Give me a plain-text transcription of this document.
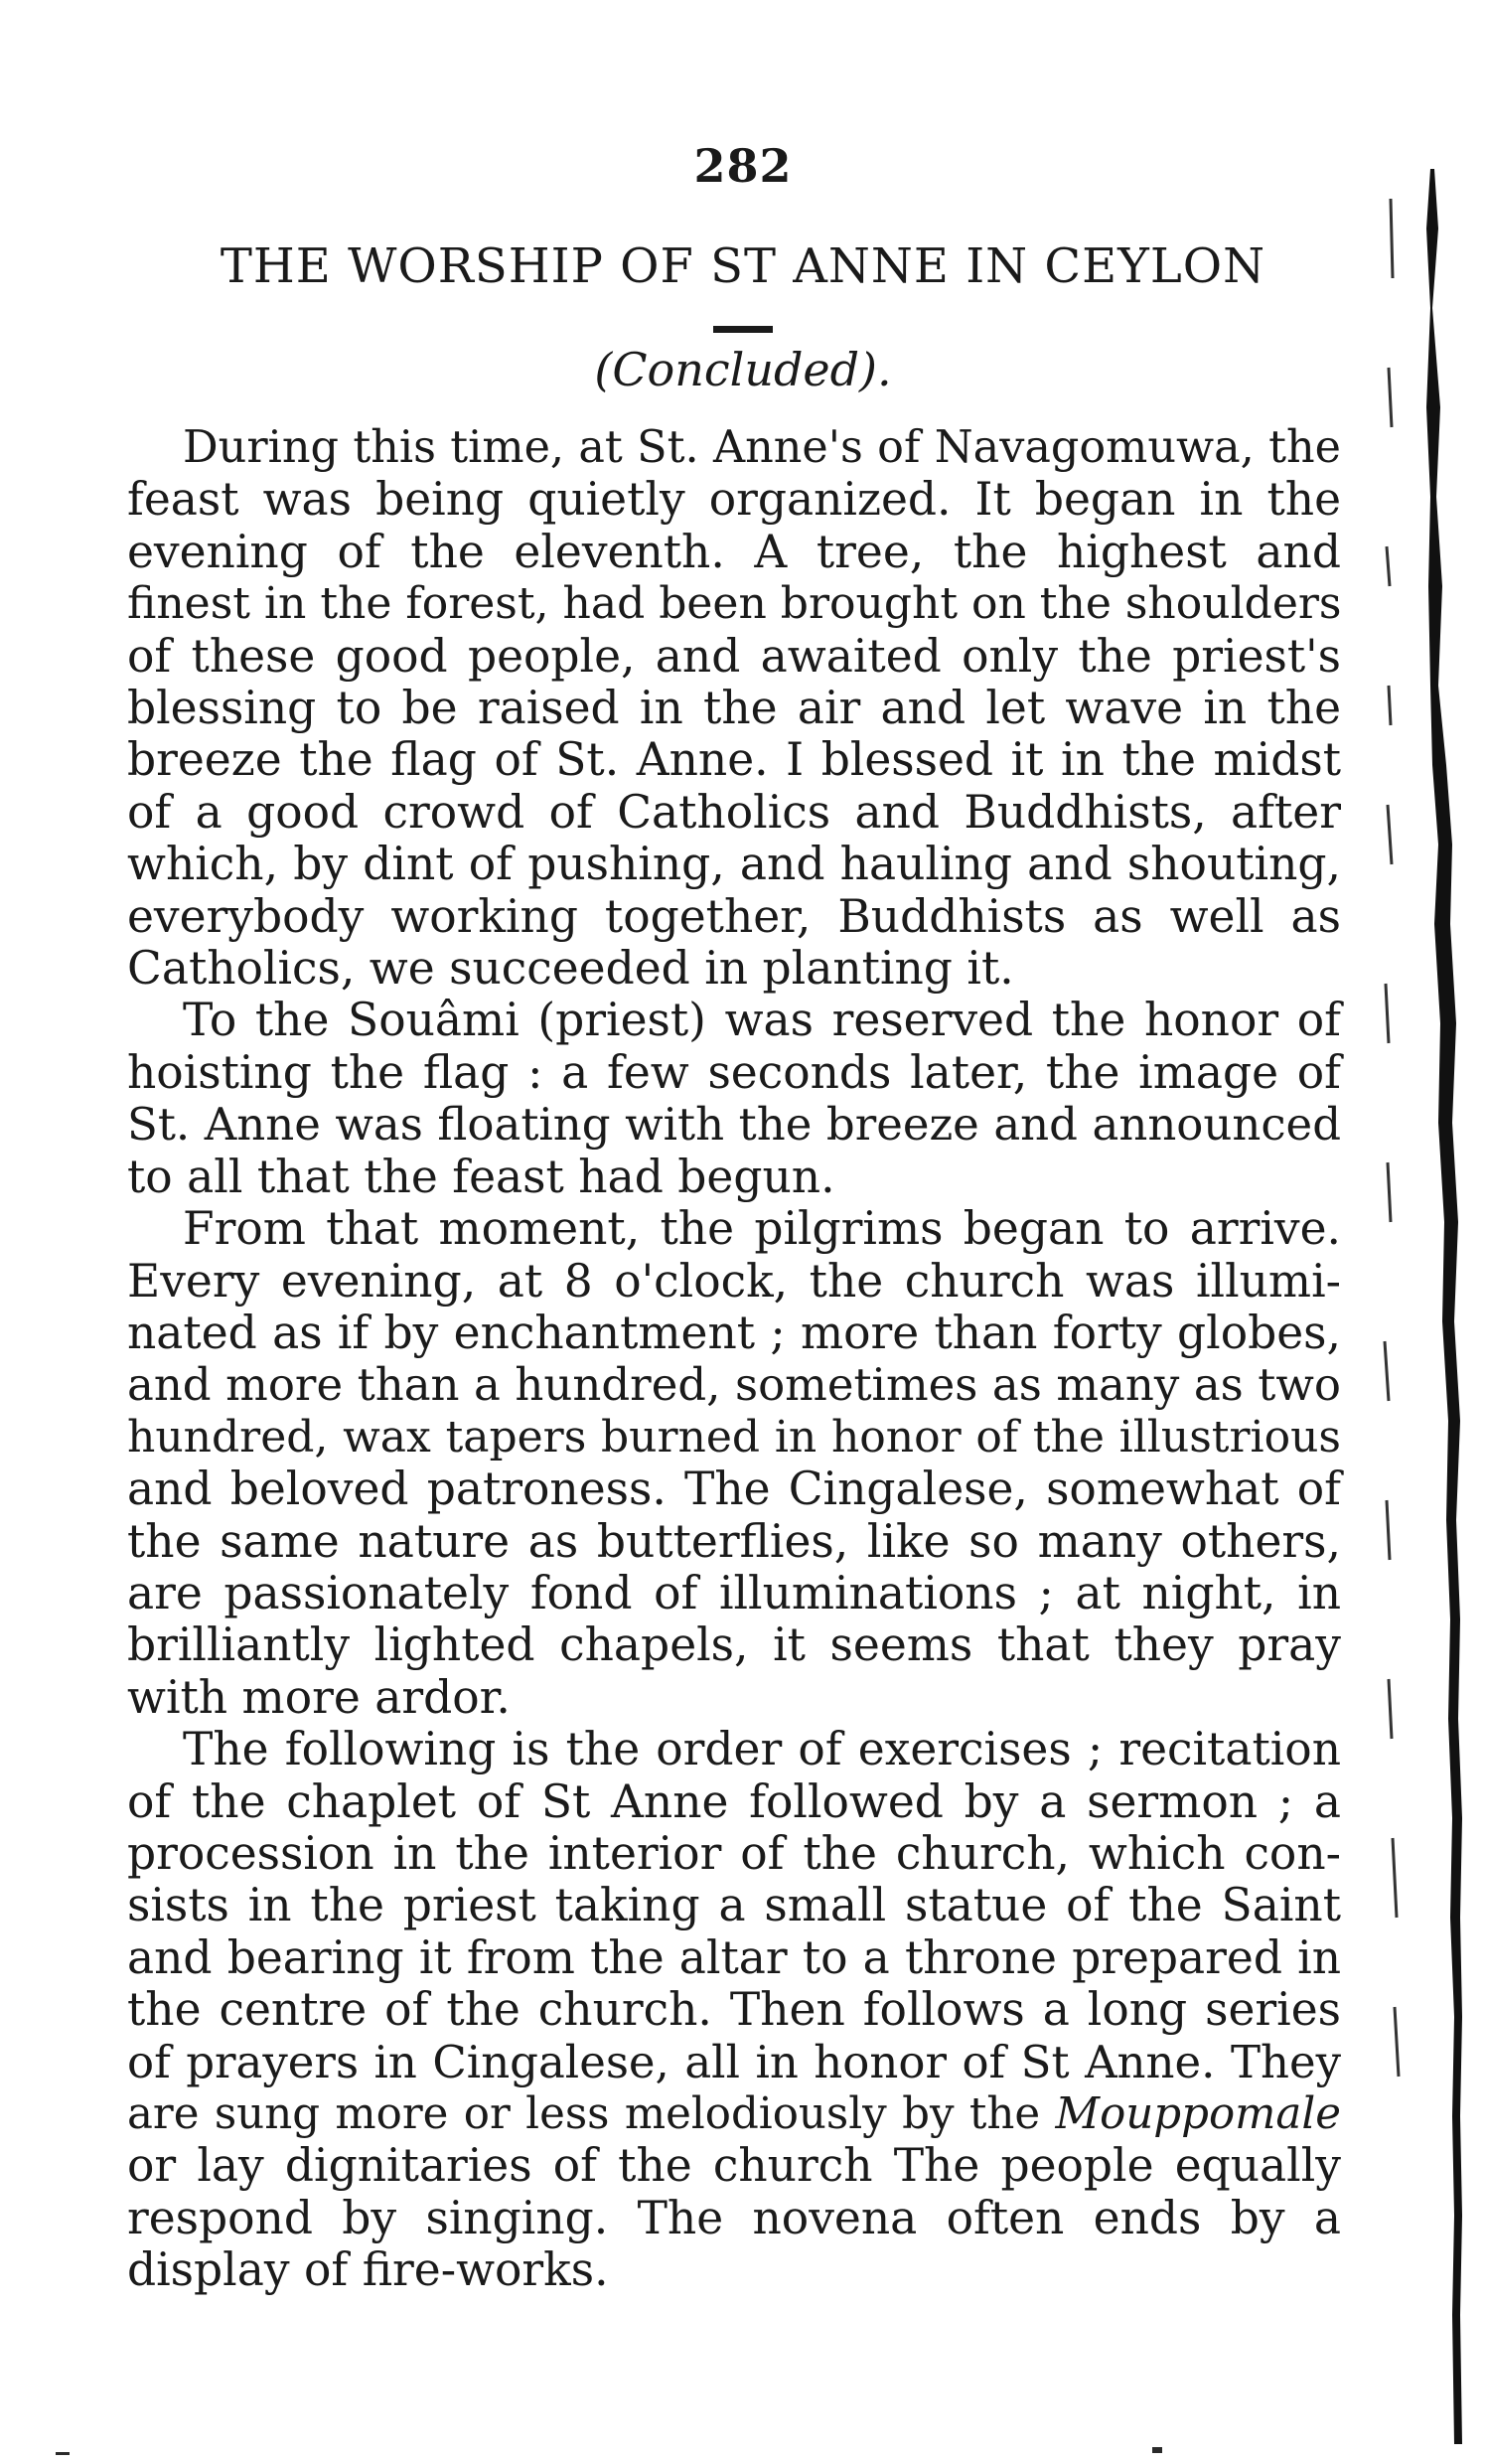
282
THE WORSHIP OF ST ANNE IN CEYLON
(Concluded).
During this time, at St. Anne's of Navagomuwa, the
feast was being quietly organized. It began in the
evening of the eleventh. A tree, the highest and
finest in the forest, had been brought on the shoulders
of these good people, and awaited only the priest's
blessing to be raised in the air and let wave in the
breeze the flag of St. Anne. I blessed it in the midst
of a good crowd of Catholics and Buddhists, after
which, by dint of pushing, and hauling and shouting,
everybody working together, Buddhists as well as
Catholics, we succeeded in planting it.
To the Souâmi (priest) was reserved the honor of
hoisting the flag : a few seconds later, the image of
St. Anne was floating with the breeze and announced
to all that the feast had begun.
From that moment, the pilgrims began to arrive.
Every evening, at 8 o'clock, the church was illumi-
nated as if by enchantment ; more than forty globes,
and more than a hundred, sometimes as many as two
hundred, wax tapers burned in honor of the illustrious
and beloved patroness. The Cingalese, somewhat of
the same nature as butterflies, like so many others,
are passionately fond of illuminations ; at night, in
brilliantly lighted chapels, it seems that they pray
with more ardor.
The following is the order of exercises ; recitation
of the chaplet of St Anne followed by a sermon ; a
procession in the interior of the church, which con-
sists in the priest taking a small statue of the Saint
and bearing it from the altar to a throne prepared in
the centre of the church. Then follows a long series
of prayers in Cingalese, all in honor of St Anne. They
are sung more or less melodiously by the Mouppomale
or lay dignitaries of the church The people equally
respond by singing. The novena often ends by a
display of fire-works.
